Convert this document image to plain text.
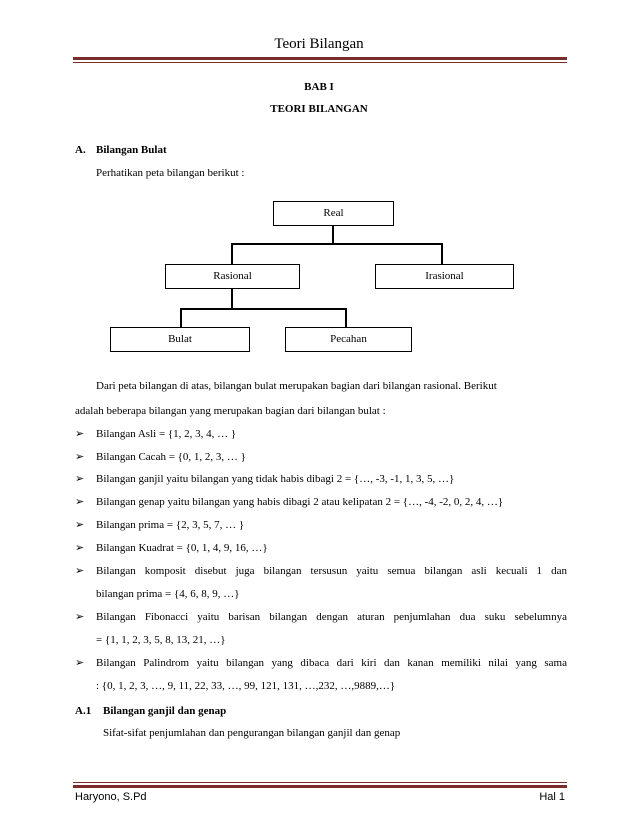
Teori Bilangan
BAB I
TEORI BILANGAN
A. Bilangan Bulat
Perhatikan peta bilangan berikut :
Real
Rasional	Irasional
Bulat	Pecahan
Dari peta bilangan di atas, bilangan bulat merupakan bagian dari bilangan rasional. Berikut
adalah beberapa bilangan yang merupakan bagian dari bilangan bulat :
➢ Bilangan Asli = {1, 2, 3, 4, … }
➢ Bilangan Cacah = {0, 1, 2, 3, … }
➢ Bilangan ganjil yaitu bilangan yang tidak habis dibagi 2 = {…, -3, -1, 1, 3, 5, …}
➢ Bilangan genap yaitu bilangan yang habis dibagi 2 atau kelipatan 2 = {…, -4, -2, 0, 2, 4, …}
➢ Bilangan prima = {2, 3, 5, 7, … }
➢ Bilangan Kuadrat = {0, 1, 4, 9, 16, …}
➢ Bilangan komposit disebut juga bilangan tersusun yaitu semua bilangan asli kecuali 1 dan
bilangan prima = {4, 6, 8, 9, …}
➢ Bilangan Fibonacci yaitu barisan bilangan dengan aturan penjumlahan dua suku sebelumnya
= {1, 1, 2, 3, 5, 8, 13, 21, …}
➢ Bilangan Palindrom yaitu bilangan yang dibaca dari kiri dan kanan memiliki nilai yang sama
: {0, 1, 2, 3, …, 9, 11, 22, 33, …, 99, 121, 131, …,232, …,9889,…}
A.1 Bilangan ganjil dan genap
Sifat-sifat penjumlahan dan pengurangan bilangan ganjil dan genap
Haryono, S.Pd	Hal 1
